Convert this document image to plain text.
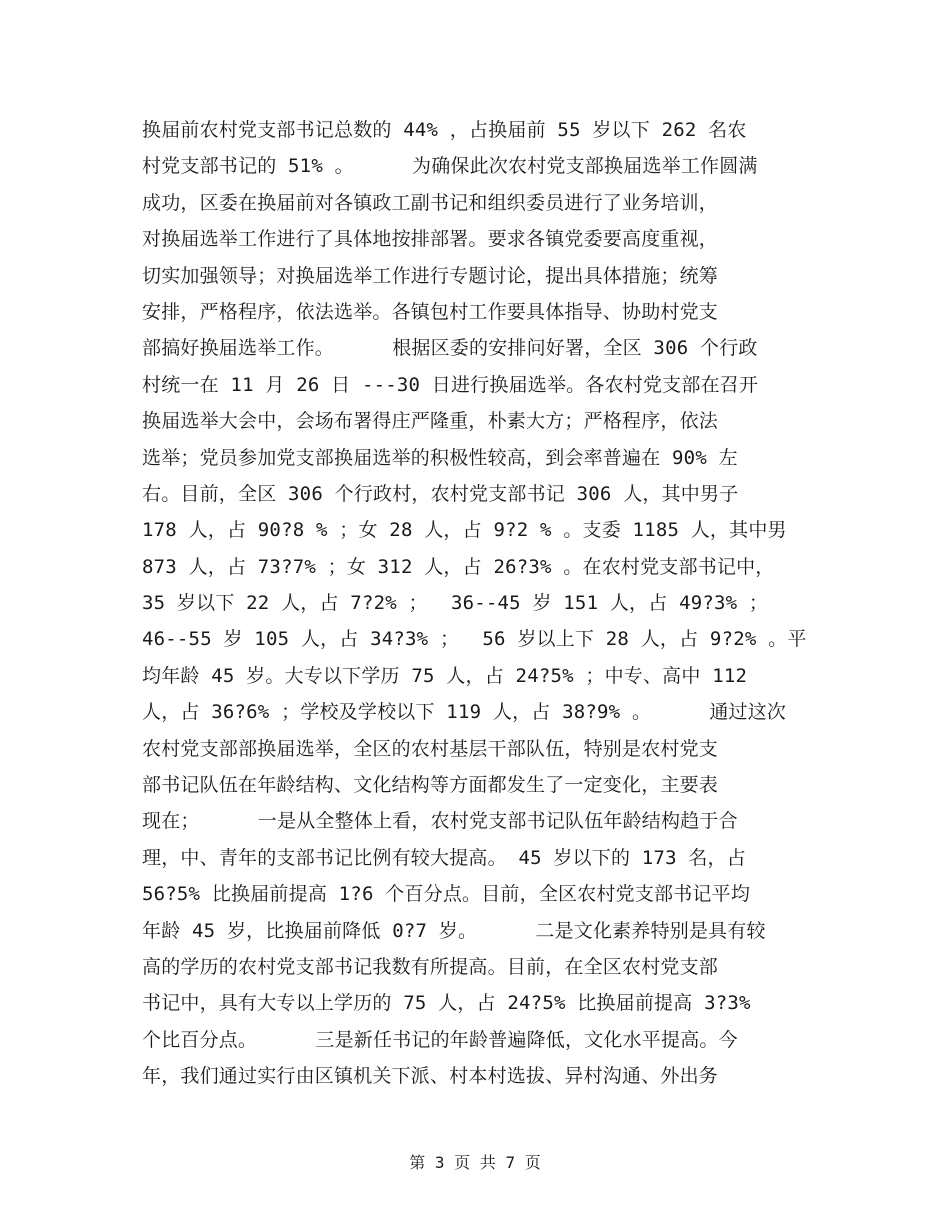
换届前农村党支部书记总数的 44% ，占换届前 55 岁以下 262 名农
村党支部书记的 51% 。     为确保此次农村党支部换届选举工作圆满
成功，区委在换届前对各镇政工副书记和组织委员进行了业务培训，
对换届选举工作进行了具体地按排部署。要求各镇党委要高度重视，
切实加强领导；对换届选举工作进行专题讨论，提出具体措施；统筹
安排，严格程序，依法选举。各镇包村工作要具体指导、协助村党支
部搞好换届选举工作。     根据区委的安排问好署，全区 306 个行政
村统一在 11 月 26 日 ---30 日进行换届选举。各农村党支部在召开
换届选举大会中，会场布署得庄严隆重，朴素大方；严格程序，依法
选举；党员参加党支部换届选举的积极性较高，到会率普遍在 90% 左
右。目前，全区 306 个行政村，农村党支部书记 306 人，其中男子
178 人，占 90?8 % ；女 28 人，占 9?2 % 。支委 1185 人，其中男
873 人，占 73?7% ；女 312 人，占 26?3% 。在农村党支部书记中，
35 岁以下 22 人，占 7?2% ；  36--45 岁 151 人，占 49?3% ；
46--55 岁 105 人，占 34?3% ；  56 岁以上下 28 人，占 9?2% 。平
均年龄 45 岁。大专以下学历 75 人，占 24?5% ；中专、高中 112
人，占 36?6% ；学校及学校以下 119 人，占 38?9% 。     通过这次
农村党支部部换届选举，全区的农村基层干部队伍，特别是农村党支
部书记队伍在年龄结构、文化结构等方面都发生了一定变化，主要表
现在；     一是从全整体上看，农村党支部书记队伍年龄结构趋于合
理，中、青年的支部书记比例有较大提高。 45 岁以下的 173 名，占
56?5% 比换届前提高 1?6 个百分点。目前，全区农村党支部书记平均
年龄 45 岁，比换届前降低 0?7 岁。     二是文化素养特别是具有较
高的学历的农村党支部书记我数有所提高。目前，在全区农村党支部
书记中，具有大专以上学历的 75 人，占 24?5% 比换届前提高 3?3%
个比百分点。     三是新任书记的年龄普遍降低，文化水平提高。今
年，我们通过实行由区镇机关下派、村本村选拔、异村沟通、外出务
第 3 页 共 7 页
